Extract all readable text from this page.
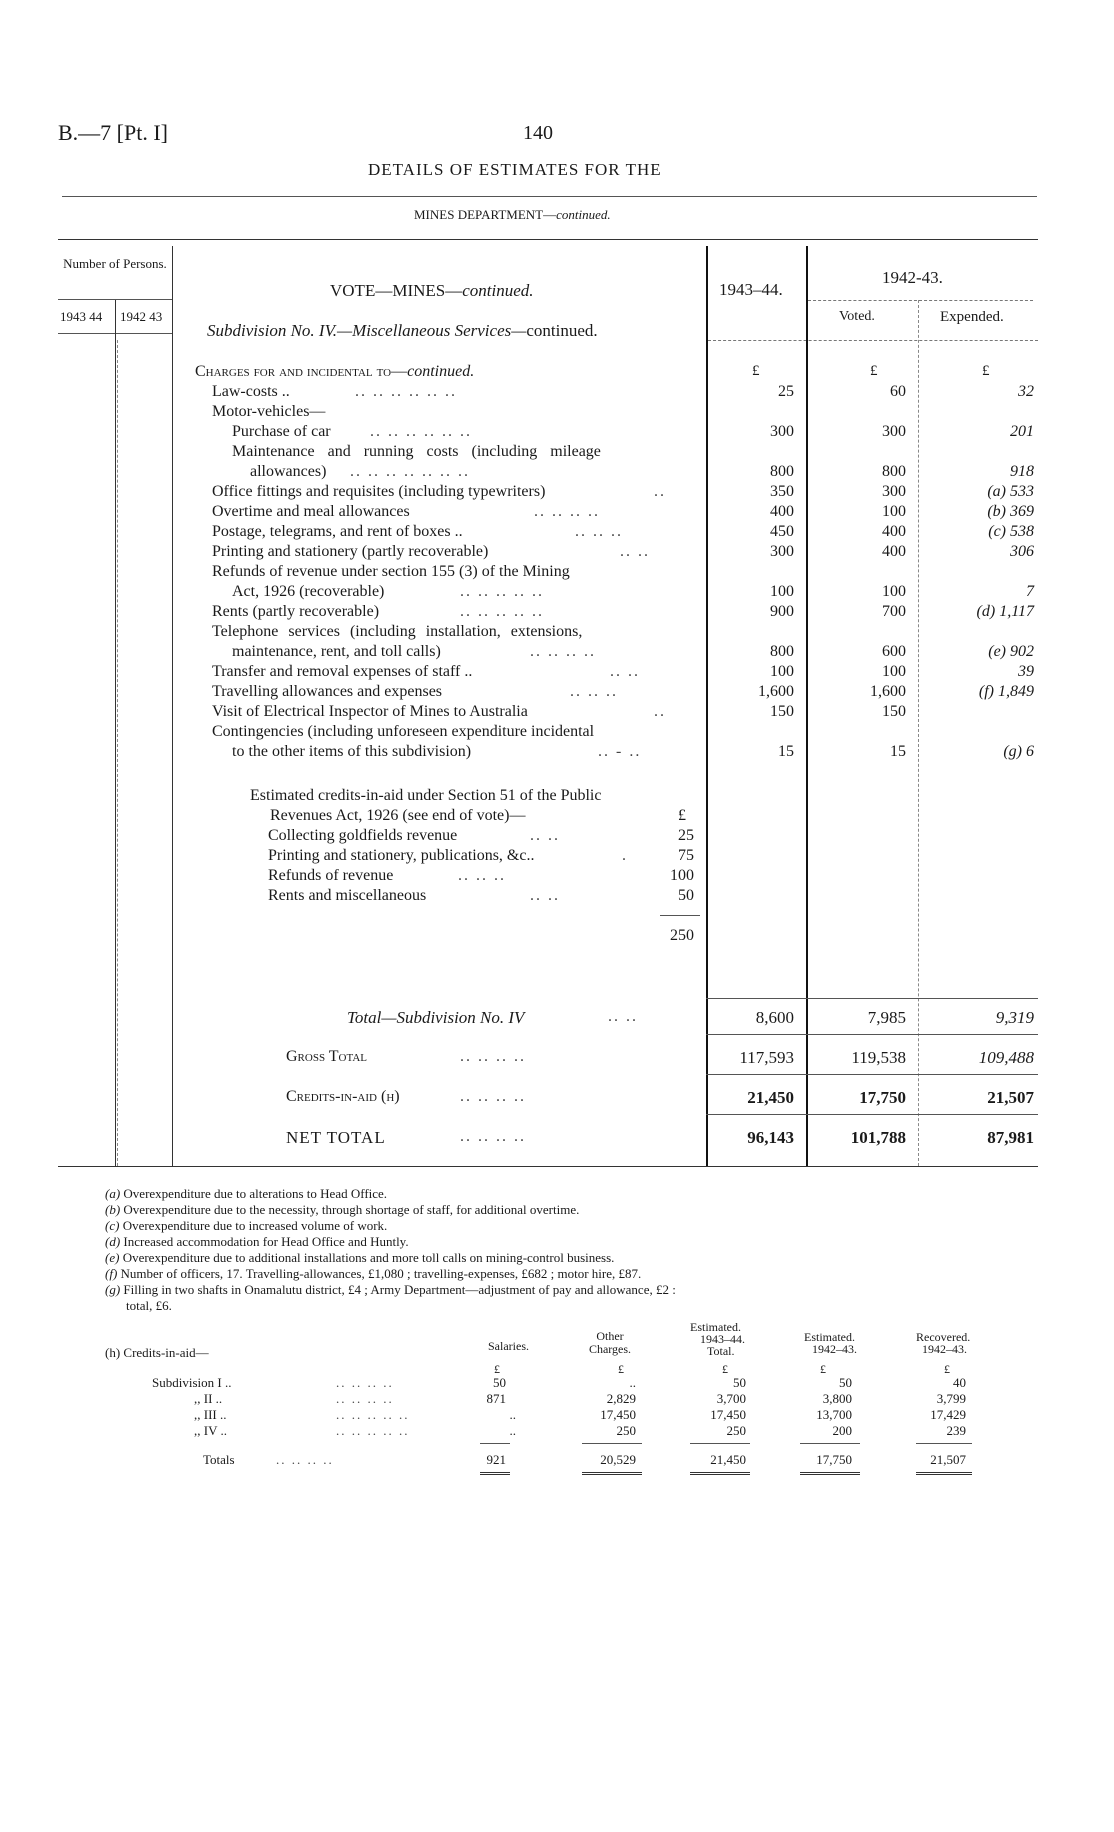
B.—7 [Pt. I]	140
DETAILS OF ESTIMATES FOR THE
MINES DEPARTMENT—continued.
Number of Persons.
1943 44 1942 43
VOTE—MINES—continued.
Subdivision No. IV.—Miscellaneous Services—continued.
1943–44.
1942-43.
Voted.	Expended.
Charges for and incidental to—continued.	£	£	£
Law-costs ..	.. .. .. .. .. ..	25	60	32
Motor-vehicles—
Purchase of car .. .. .. .. .. ..	300	300	201
Maintenance and running costs (including mileage
allowances) .. .. .. .. .. .. ..	800	800	918
Office fittings and requisites (including typewriters)	..	350	300	(a) 533
Overtime and meal allowances	.. .. .. ..	400	100	(b) 369
Postage, telegrams, and rent of boxes ..	.. .. ..	450	400	(c) 538
Printing and stationery (partly recoverable)	.. ..	300	400	306
Refunds of revenue under section 155 (3) of the Mining
Act, 1926 (recoverable)	.. .. .. .. ..	100	100	7
Rents (partly recoverable)	.. .. .. .. ..	900	700	(d) 1,117
Telephone services (including installation, extensions,
maintenance, rent, and toll calls)	.. .. .. ..	800	600	(e) 902
Transfer and removal expenses of staff ..	.. ..	100	100	39
Travelling allowances and expenses	.. .. ..	1,600	1,600	(f) 1,849
Visit of Electrical Inspector of Mines to Australia	..	150	150
Contingencies (including unforeseen expenditure incidental
to the other items of this subdivision)	.. - ..	15	15	(g) 6
Estimated credits-in-aid under Section 51 of the Public
Revenues Act, 1926 (see end of vote)—	£
Collecting goldfields revenue	.. ..	25
Printing and stationery, publications, &c..	.	75
Refunds of revenue	.. .. ..	100
Rents and miscellaneous	.. ..	50
250
Total—Subdivision No. IV	.. ..	8,600	7,985	9,319
Gross Total	.. .. .. ..	117,593	119,538	109,488
Credits-in-aid (h)	.. .. .. ..	21,450	17,750	21,507
NET TOTAL	.. .. .. ..	96,143	101,788	87,981
(a) Overexpenditure due to alterations to Head Office.
(b) Overexpenditure due to the necessity, through shortage of staff, for additional overtime.
(c) Overexpenditure due to increased volume of work.
(d) Increased accommodation for Head Office and Huntly.
(e) Overexpenditure due to additional installations and more toll calls on mining-control business.
(f) Number of officers, 17. Travelling-allowances, £1,080 ; travelling-expenses, £682 ; motor hire, £87.
(g) Filling in two shafts in Onamalutu district, £4 ; Army Department—adjustment of pay and allowance, £2 :
total, £6.
(h) Credits-in-aid—	Salaries.
Other Charges.
Estimated.
1943–44.
Total.
Estimated.
1942–43.
Recovered.
1942–43.
£	£	£	£	£
Subdivision I ..	.. .. .. ..	50	..	50	50	40
,, II ..	.. .. .. ..	871	2,829	3,700	3,800	3,799
,, III ..	.. .. .. .. ..	..	17,450	17,450	13,700	17,429
,, IV ..	.. .. .. .. ..	..	250	250	200	239
Totals	.. .. .. ..	921	20,529	21,450	17,750	21,507
